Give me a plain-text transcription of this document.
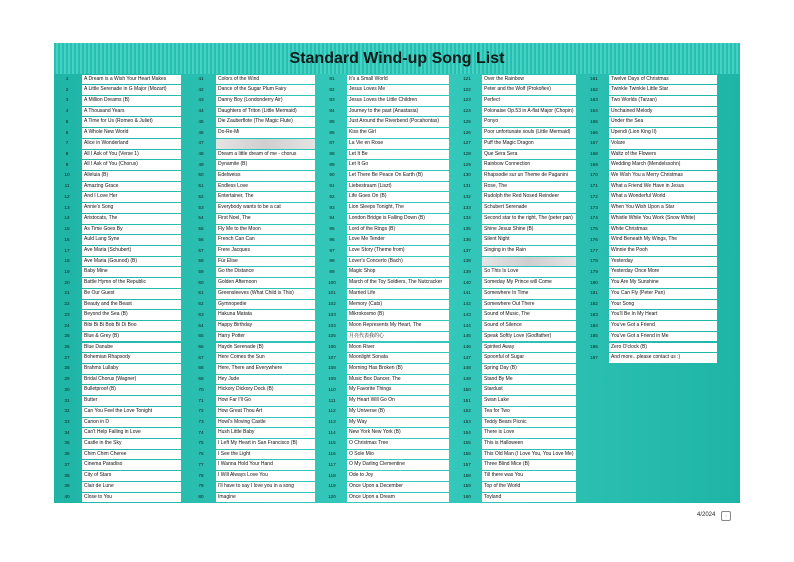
Standard Wind-up Song List
1	A Dream is a Wish Your Heart Makes
2	A Little Serenade in G Major (Mozart)
3	A Million Dreams (B)
4	A Thousand Years
5	A Time for Us (Romeo & Juliet)
6	A Whole New World
7	Alice in Wonderland
8	All I Ask of You (Verse 1)
9	All I Ask of You (Chorus)
10	Alleluia (B)
11	Amazing Grace
12	And I Love Her
13	Annie's Song
14	Aristocats, The
15	As Time Goes By
16	Auld Lang Syne
17	Ave Maria (Schubert)
18	Ave Maria (Gounod) (B)
19	Baby Mine
20	Battle Hymn of the Republic
21	Be Our Guest
22	Beauty and the Beast
23	Beyond the Sea (B)
24	Bibi Bi Bi Bob Bi Di Boo
25	Blue & Grey (B)
26	Blue Danube
27	Bohemian Rhapsody
28	Brahms Lullaby
29	Bridal Chorus (Wagner)
30	Bulletproof (B)
31	Butter
32	Can You Feel the Love Tonight
33	Canon in D
34	Can't Help Falling in Love
35	Castle in the Sky
36	Chim Chim Cheree
37	Cinema Paradiso
38	City of Stars
39	Clair de Lune
40	Close to You
41	Colors of the Wind
42	Dance of the Sugar Plum Fairy
43	Danny Boy (Londonderry Air)
44	Daughters of Triton (Little Mermaid)
45	Die Zauberflote (The Magic Flute)
46	Do-Re-Mi
47
48	Dream a little dream of me - chorus
49	Dynamite (B)
50	Edelweiss
51	Endless Love
52	Entertainer, The
53	Everybody wants to be a cat
54	First Noel, The
55	Fly Me to the Moon
56	French Can Can
57	Frere Jacques
58	Für Elise
59	Go the Distance
60	Golden Afternoon
61	Greensleeves (What Child is This)
62	Gymnopedie
63	Hakuna Matata
64	Happy Birthday
65	Harry Potter
66	Haydn Serenade (B)
67	Here Comes the Sun
68	Here, There and Everywhere
69	Hey Jude
70	Hickory Dickory Dock (B)
71	How Far I'll Go
72	How Great Thou Art
73	Howl's Moving Castle
74	Hush Little Baby
75	I Left My Heart in San Francisco (B)
76	I See the Light
77	I Wanna Hold Your Hand
78	I Will Always Love You
79	I'll have to say I love you in a song
80	Imagine
81	It's a Small World
82	Jesus Loves Me
83	Jesus Loves the Little Children
84	Journey to the past (Anastasia)
85	Just Around the Riverbend (Pocahontas)
86	Kiss the Girl
87	La Vie en Rose
88	Let It Be
89	Let It Go
90	Let There Be Peace On Earth (B)
91	Liebestraum (Liszt)
92	Life Goes On (B)
93	Lion Sleeps Tonight, The
94	London Bridge is Falling Down (B)
95	Lord of the Rings (B)
96	Love Me Tender
97	Love Story (Theme from)
98	Lover's Concerto (Bach)
99	Magic Shop
100	March of the Toy Soldiers, The Nutcracker
101	Married Life
102	Memory (Cats)
103	Mikrokosmo (B)
104	Moon Represents My Heart, The
105	月亮代表我的心
106	Moon River
107	Moonlight Sonata
108	Morning Has Broken (B)
109	Music Box Dancer, The
110	My Favorite Things
111	My Heart Will Go On
112	My Universe (B)
113	My Way
114	New York New York (B)
115	O Christmas Tree
116	O Sole Mio
117	O My Darling Clementine
118	Ode to Joy
119	Once Upon a December
120	Once Upon a Dream
121	Over the Rainbow
122	Peter and the Wolf (Prokofiev)
123	Perfect
124	Polonaise Op.53 in A-flat Major (Chopin)
125	Ponyo
126	Poor unfortunate souls (Little Mermaid)
127	Puff the Magic Dragon
128	Que Sera Sera
129	Rainbow Connection
130	Rhapsodie sur un Theme de Paganini
131	Rose, The
132	Rudolph the Red Nosed Reindeer
133	Schubert Serenade
134	Second star to the right, The (peter pan)
135	Shine Jesus Shine (B)
136	Silent Night
137	Singing in the Rain
138
139	So This Is Love
140	Someday My Prince will Come
141	Somewhere In Time
142	Somewhere Out There
143	Sound of Music, The
144	Sound of Silence
145	Speak Softly Love (Godfather)
146	Spirited Away
147	Spoonful of Sugar
148	Spring Day (B)
149	Stand By Me
150	Stardust
151	Swan Lake
152	Tea for Two
153	Teddy Bears Picnic
154	There is Love
155	This is Halloween
156	This Old Man (I Love You, You Love Me)
157	Three Blind Mice (B)
158	Till there was You
159	Top of the World
160	Toyland
161	Twelve Days of Christmas
162	Twinkle Twinkle Little Star
163	Two Worlds (Tarzan)
164	Unchained Melody
165	Under the Sea
166	Upendi (Lion King II)
167	Volare
168	Waltz of the Flowers
169	Wedding March (Mendelssohn)
170	We Wish You a Merry Christmas
171	What a Friend We Have in Jesus
172	What a Wonderful World
173	When You Wish Upon a Star
174	Whistle While You Work (Snow White)
175	White Christmas
176	Wind Beneath My Wings, The
177	Winnie the Pooh
178	Yesterday
179	Yesterday Once More
180	You Are My Sunshine
181	You Can Fly (Peter Pan)
182	Your Song
183	You'll Be In My Heart
184	You've Got a Friend
185	You've Got a Friend in Me
186	Zero O'clock (B)
187	And more...please contact us :)
4/2024	▫
